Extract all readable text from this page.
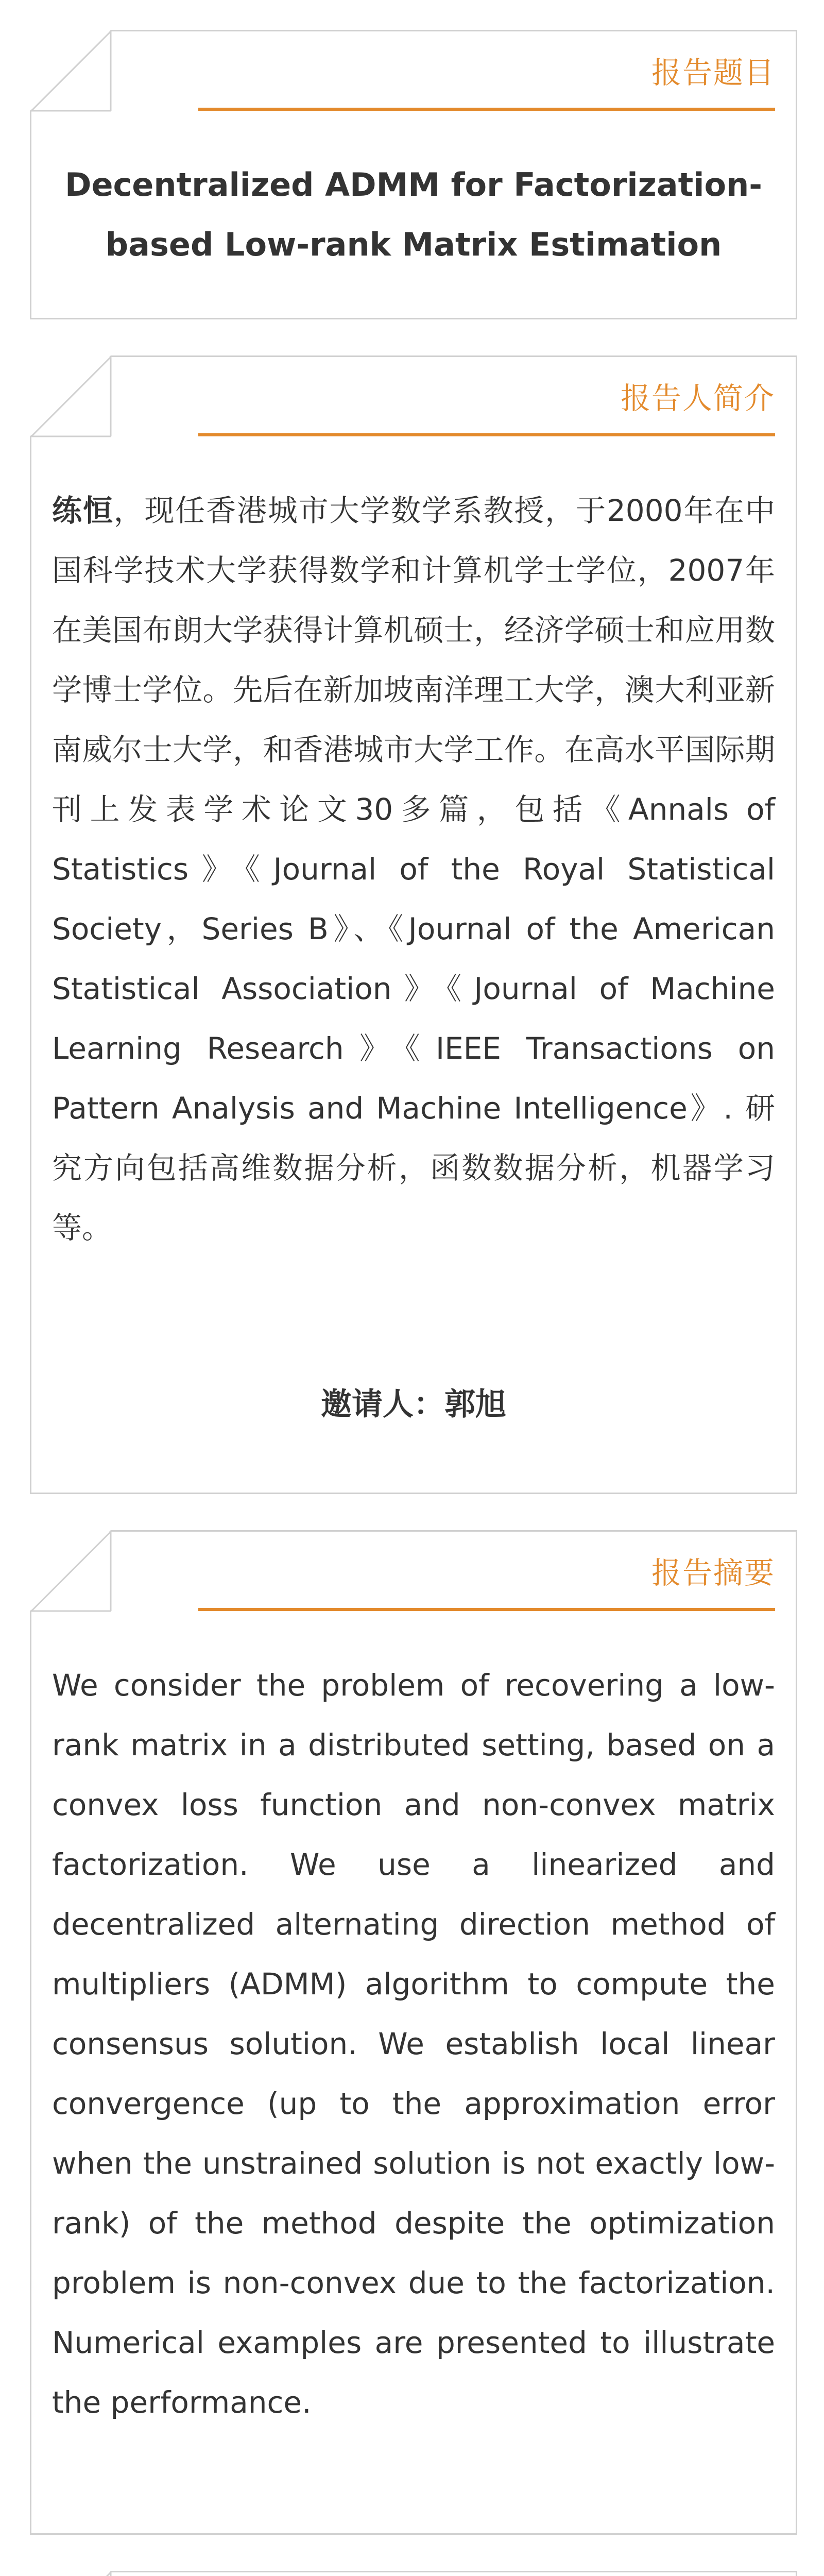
报告题目
Decentralized ADMM for Factorization-based Low-rank Matrix Estimation
报告人简介
练恒，现任香港城市大学数学系教授，于2000年在中国科学技术大学获得数学和计算机学士学位，2007年在美国布朗大学获得计算机硕士，经济学硕士和应用数学博士学位。先后在新加坡南洋理工大学，澳大利亚新南威尔士大学，和香港城市大学工作。在高水平国际期刊上发表学术论文30多篇，包括《Annals of Statistics》《Journal of the Royal Statistical Society，Series B》、《Journal of the American Statistical Association》《Journal of Machine Learning Research》《IEEE Transactions on Pattern Analysis and Machine Intelligence》. 研究方向包括高维数据分析，函数数据分析，机器学习等。
邀请人：郭旭
报告摘要
We consider the problem of recovering a low-rank matrix in a distributed setting, based on a convex loss function and non-convex matrix factorization. We use a linearized and decentralized alternating direction method of multipliers (ADMM) algorithm to compute the consensus solution. We establish local linear convergence (up to the approximation error when the unstrained solution is not exactly low-rank) of the method despite the optimization problem is non-convex due to the factorization. Numerical examples are presented to illustrate the performance.
